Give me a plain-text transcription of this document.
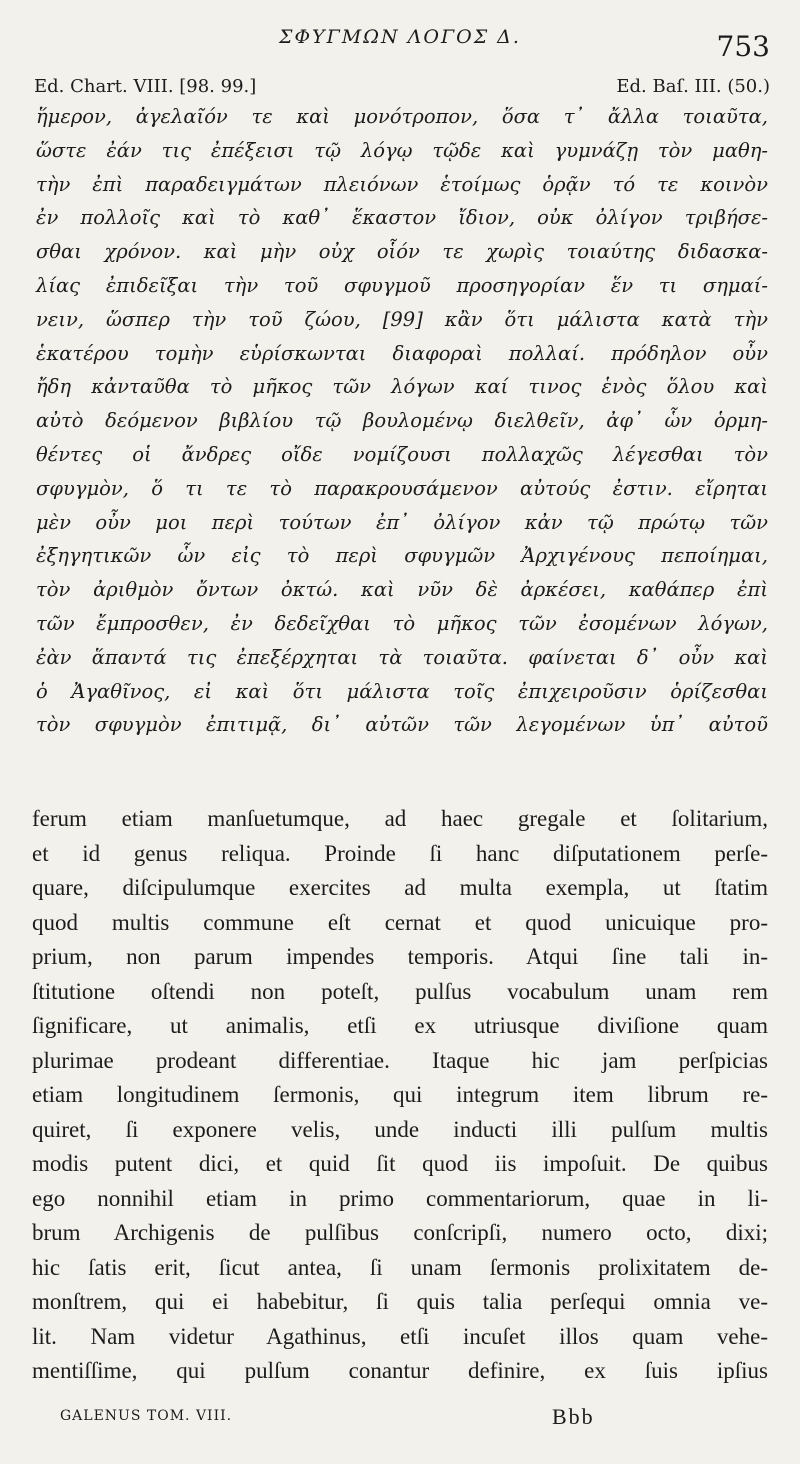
ΣΦΥΓΜΩΝ ΛΟΓΟΣ Δ.	753
Ed. Chart. VIII. [98. 99.]	Ed. Baſ. III. (50.)
ἥμερον, ἀγελαῖόν τε καὶ μονότροπον, ὅσα τ᾽ ἄλλα τοιαῦτα,
ὥστε ἐάν τις ἐπέξεισι τῷ λόγῳ τῷδε καὶ γυμνάζῃ τὸν μαθη-
τὴν ἐπὶ παραδειγμάτων πλειόνων ἑτοίμως ὁρᾷν τό τε κοινὸν
ἐν πολλοῖς καὶ τὸ καθ᾽ ἕκαστον ἴδιον, οὐκ ὀλίγον τριβήσε-
σθαι χρόνον. καὶ μὴν οὐχ οἷόν τε χωρὶς τοιαύτης διδασκα-
λίας ἐπιδεῖξαι τὴν τοῦ σφυγμοῦ προσηγορίαν ἕν τι σημαί-
νειν, ὥσπερ τὴν τοῦ ζώου, [99] κἂν ὅτι μάλιστα κατὰ τὴν
ἑκατέρου τομὴν εὑρίσκωνται διαφοραὶ πολλαί. πρόδηλον οὖν
ἤδη κἀνταῦθα τὸ μῆκος τῶν λόγων καί τινος ἑνὸς ὅλου καὶ
αὐτὸ δεόμενον βιβλίου τῷ βουλομένῳ διελθεῖν, ἀφ᾽ ὧν ὁρμη-
θέντες οἱ ἄνδρες οἴδε νομίζουσι πολλαχῶς λέγεσθαι τὸν
σφυγμὸν, ὅ τι τε τὸ παρακρουσάμενον αὐτούς ἐστιν. εἴρηται
μὲν οὖν μοι περὶ τούτων ἐπ᾽ ὀλίγον κἀν τῷ πρώτῳ τῶν
ἐξηγητικῶν ὧν εἰς τὸ περὶ σφυγμῶν Ἀρχιγένους πεποίημαι,
τὸν ἀριθμὸν ὄντων ὀκτώ. καὶ νῦν δὲ ἀρκέσει, καθάπερ ἐπὶ
τῶν ἔμπροσθεν, ἐν δεδεῖχθαι τὸ μῆκος τῶν ἐσομένων λόγων,
ἐὰν ἅπαντά τις ἐπεξέρχηται τὰ τοιαῦτα. φαίνεται δ᾽ οὖν καὶ
ὁ Ἀγαθῖνος, εἰ καὶ ὅτι μάλιστα τοῖς ἐπιχειροῦσιν ὁρίζεσθαι
τὸν σφυγμὸν ἐπιτιμᾷ, δι᾽ αὐτῶν τῶν λεγομένων ὑπ᾽ αὐτοῦ
ferum etiam manſuetumque, ad haec gregale et ſolitarium,
et id genus reliqua. Proinde ſi hanc diſputationem perſe-
quare, diſcipulumque exercites ad multa exempla, ut ſtatim
quod multis commune eſt cernat et quod unicuique pro-
prium, non parum impendes temporis. Atqui ſine tali in-
ſtitutione oſtendi non poteſt, pulſus vocabulum unam rem
ſignificare, ut animalis, etſi ex utriusque diviſione quam
plurimae prodeant differentiae. Itaque hic jam perſpicias
etiam longitudinem ſermonis, qui integrum item librum re-
quiret, ſi exponere velis, unde inducti illi pulſum multis
modis putent dici, et quid ſit quod iis impoſuit. De quibus
ego nonnihil etiam in primo commentariorum, quae in li-
brum Archigenis de pulſibus conſcripſi, numero octo, dixi;
hic ſatis erit, ſicut antea, ſi unam ſermonis prolixitatem de-
monſtrem, qui ei habebitur, ſi quis talia perſequi omnia ve-
lit. Nam videtur Agathinus, etſi incuſet illos quam vehe-
mentiſſime, qui pulſum conantur definire, ex ſuis ipſius
GALENUS TOM. VIII.	Bbb
